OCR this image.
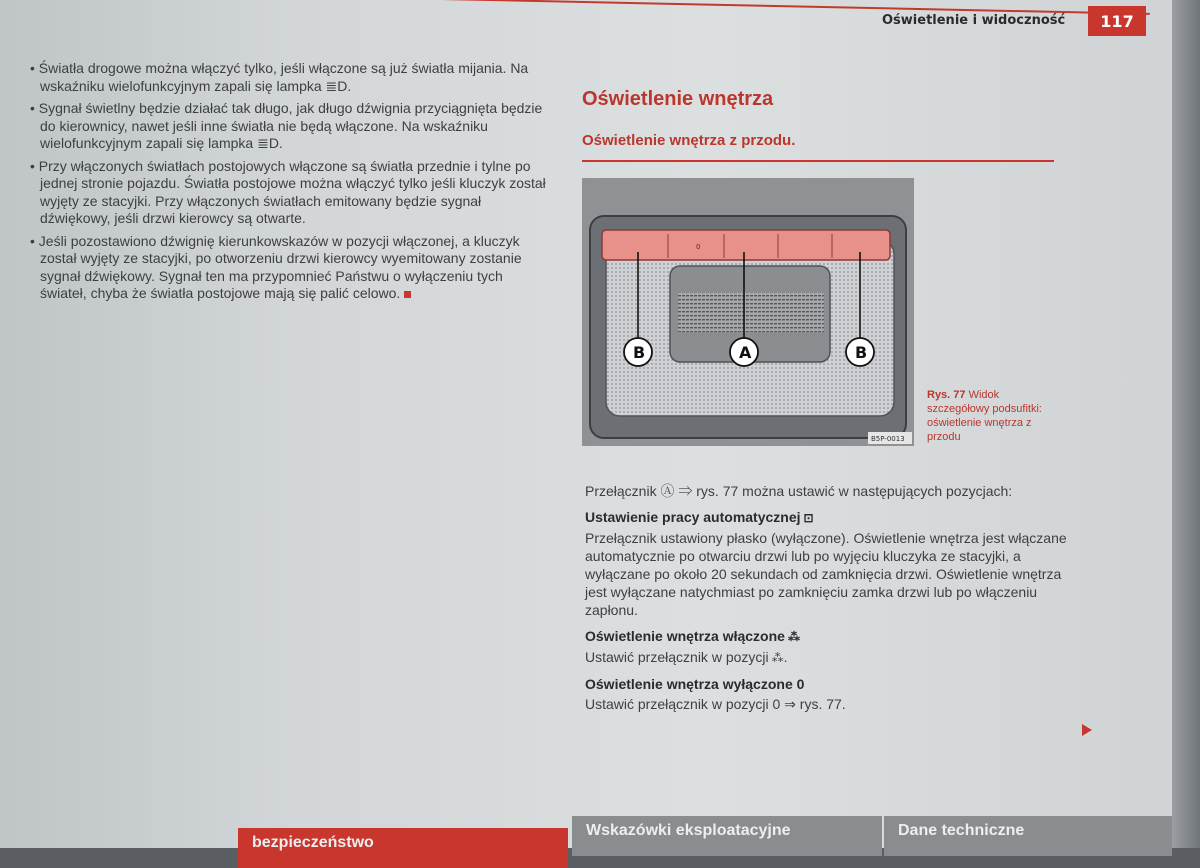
Oświetlenie i widoczność	117

• Światła drogowe można włączyć tylko, jeśli włączone są już światła mijania. Na wskaźniku wielofunkcyjnym zapali się lampka ≣D.

• Sygnał świetlny będzie działać tak długo, jak długo dźwignia przyciągnięta będzie do kierownicy, nawet jeśli inne światła nie będą włączone. Na wskaźniku wielofunkcyjnym zapali się lampka ≣D.

• Przy włączonych światłach postojowych włączone są światła przednie i tylne po jednej stronie pojazdu. Światła postojowe można włączyć tylko jeśli kluczyk został wyjęty ze stacyjki. Przy włączonych światłach emitowany będzie sygnał dźwiękowy, jeśli drzwi kierowcy są otwarte.

• Jeśli pozostawiono dźwignię kierunkowskazów w pozycji włączonej, a kluczyk został wyjęty ze stacyjki, po otworzeniu drzwi kierowcy wyemitowany zostanie sygnał dźwiękowy. Sygnał ten ma przypomnieć Państwu o wyłączeniu tych świateł, chyba że światła postojowe mają się palić celowo.

Oświetlenie wnętrza
Oświetlenie wnętrza z przodu.
0
B	A	B
B5P-0013
Rys. 77 Widok szczegółowy podsufitki: oświetlenie wnętrza z przodu

Przełącznik Ⓐ ⇒ rys. 77 można ustawić w następujących pozycjach:

Ustawienie pracy automatycznej ⊡

Przełącznik ustawiony płasko (wyłączone). Oświetlenie wnętrza jest włączane automatycznie po otwarciu drzwi lub po wyjęciu kluczyka ze stacyjki, a wyłączane po około 20 sekundach od zamknięcia drzwi. Oświetlenie wnętrza jest wyłączane natychmiast po zamknięciu zamka drzwi lub po włączeniu zapłonu.

Oświetlenie wnętrza włączone ⁂

Ustawić przełącznik w pozycji ⁂.

Oświetlenie wnętrza wyłączone 0

Ustawić przełącznik w pozycji 0 ⇒ rys. 77.

bezpieczeństwo
Wskazówki eksploatacyjne	Dane techniczne
